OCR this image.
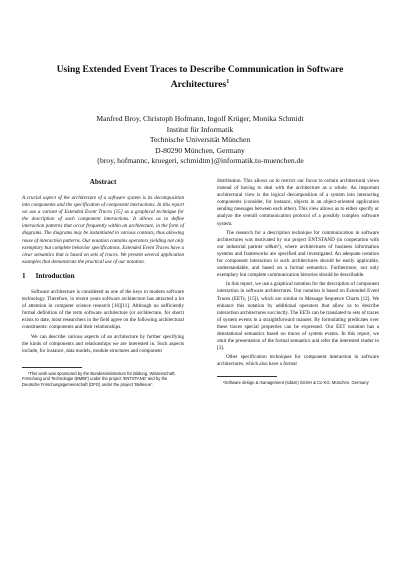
Using Extended Event Traces to Describe Communication in Software
Architectures$^1$
Manfred Broy, Christoph Hofmann, Ingolf Krüger, Monika Schmidt
Institut für Informatik
Technische Universität München
D-80290 München, Germany
{broy, hofmannc, kruegeri, schmidtm}@informatik.tu-muenchen.de
Abstract

A crucial aspect of the architecture of a software system is its decomposition into components and the specification of component interactions. In this report we use a variant of Extended Event Traces [15] as a graphical technique for the description of such component interactions. It allows us to define interaction patterns that occur frequently within an architecture, in the form of diagrams. The diagrams may be instantiated in various contexts, thus allowing reuse of interaction patterns. Our notation contains operators yielding not only exemplary but complete behavior specifications. Extended Event Traces have a clear semantics that is based on sets of traces. We present several application examples that demonstrate the practical use of our notation.

1 Introduction

Software architecture is considered as one of the keys to modern software technology. Therefore, in recent years software architecture has attracted a lot of attention in computer science research [16][11]. Although no sufficiently formal definition of the term software architecture (or architecture, for short) exists to date, most researchers in the field agree on the following architectural constituents: components and their relationships.

We can describe various aspects of an architecture by further specifying the kinds of components and relationships we are interested in. Such aspects include, for instance, data models, module structures and component

¹This work was sponsored by the Bundesministerium für Bildung, Wissenschaft, Forschung und Technologie (BMBF) under the project 'ENTSTAND' and by the Deutsche Forschungsgemeinschaft (DFG) under the project 'Bellevue'.

distribution. This allows us to restrict our focus to certain architectural views instead of having to deal with the architecture as a whole. An important architectural view is the logical decomposition of a system into interacting components (consider, for instance, objects in an object-oriented application sending messages between each other). This view allows us to either specify or analyze the overall communication protocol of a possibly complex software system.

The research for a description technique for communication in software architectures was motivated by our project ENTSTAND (in cooperation with our industrial partner sd&m²), where architectures of business information systems and frameworks are specified and investigated. An adequate notation for component interaction in such architectures should be easily applicable, understandable, and based on a formal semantics. Furthermore, not only exemplary but complete communication histories should be describable.

In this report, we use a graphical notation for the description of component interaction in software architectures. Our notation is based on Extended Event Traces (EETs, [15]), which are similar to Message Sequence Charts [12]. We enhance this notation by additional operators that allow us to describe interaction architectures succinctly. The EETs can be translated to sets of traces of system events in a straightforward manner. By formulating predicates over these traces special properties can be expressed. Our EET notation has a denotational semantics based on traces of system events. In this report, we omit the presentation of the formal semantics and refer the interested reader to [3].

Other specification techniques for component interaction in software architectures, which also have a formal

²Software design & management (sd&m) GmbH & Co KG, München, Germany
